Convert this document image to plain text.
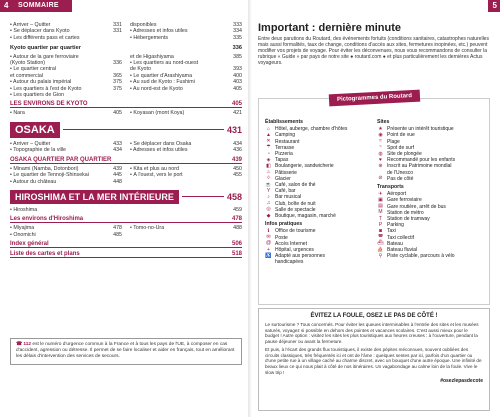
4 SOMMAIRE
• Arriver – Quitter	331
• Se déplacer dans Kyoto	331
• Les différents pass et cartes
disponibles	333
• Adresses et infos utiles	334
• Hébergements	335
Kyoto quartier par quartier	336
• Autour de la gare ferroviaire
(Kyoto Station)	336
• Le quartier central
et commercial	365
• Autour du palais impérial	375
• Les quartiers à l'est de Kyoto	375
• Les quartiers de Gion
et de Higashiyama	385
• Les quartiers au nord-ouest
de Kyoto	393
• Le quartier d'Arashiyama	400
• Au sud de Kyoto : Fushimi	403
• Au nord-est de Kyoto	405
LES ENVIRONS DE KYOTO	405
• Nara	405 • Koyasan (mont Koya)	421
OSAKA	431
• Arriver – Quitter	433
• Topographie de la ville	434
• Se déplacer dans Osaka	434
• Adresses et infos utiles	436
OSAKA QUARTIER PAR QUARTIER	439
• Minami (Namba, Dotonbori)	439
• Le quartier de Tennoji-Shinsekai	445
• Autour du château	448
• Kita et plus au nord	450
• À l'ouest, vers le port	455
HIROSHIMA ET LA MER INTÉRIEURE	458
• Hiroshima	459
Les environs d'Hiroshima	478
• Miyajima	478
• Onomichi	485
• Tomo-no-Ura	488
Index général	506
Liste des cartes et plans	518
☎ 112 est le numéro d'urgence commun à la France et à tous les pays de l'UE, à composer en cas d'accident, agression ou détresse. Il permet de se faire localiser et aider en français, tout en améliorant les délais d'intervention des services de secours.
5
Important : dernière minute

Entre deux parutions du Routard, des événements fortuits (conditions sanitaires, catastrophes naturelles mais aussi formalités, taux de change, conditions d'accès aux sites, fermetures inopinées, etc.) peuvent modifier vos projets de voyage. Pour éviter les déconvenues, nous vous recommandons de consulter la rubrique « Guide » par pays de notre site ● routard.com ● et plus particulièrement les dernières Actus voyageurs.

Pictogrammes du Routard
Établissements
⌂ Hôtel, auberge, chambre d'hôtes
▲ Camping
✕ Restaurant
☂ Terrasse
◔ Pizzeria
◈ Tapas
◧ Boulangerie, sandwicherie
♨ Pâtisserie
◊	Glacier
☕ Café, salon de thé
Y Café, bar
♪	Bar musical
♫ Club, boîte de nuit
◎ Salle de spectacle
◆ Boutique, magasin, marché
Infos pratiques
ℹ	Office de tourisme
✉ Poste
@ Accès Internet
+	Hôpital, urgences
♿ Adapté aux personnes
handicapées
Sites
★ Présente un intérêt touristique
◉ Point de vue
≈	Plage
~	Spot de surf
◍ Site de plongée
♥	Recommandé pour les enfants
⊕ Inscrit au Patrimoine mondial
de l'Unesco
⊘ Pas de côté
Transports
✈ Aéroport
▣ Gare ferroviaire
▤ Gare routière, arrêt de bus
M Station de métro
T Station de tramway
P Parking
◙ Taxi
◚ Taxi collectif
⛴ Bateau
⛵ Bateau fluvial
⚲ Piste cyclable, parcours à vélo
ÉVITEZ LA FOULE, OSEZ LE PAS DE CÔTÉ !

Le surtourisme ? Tous concernés. Pour éviter les queues interminables à l'entrée des sites et les musées saturés, voyagez si possible en dehors des pointes et vacances scolaires. C'est aussi mieux pour le budget ! Autre option : visitez les sites les plus touristiques aux heures creuses : à l'ouverture, pendant la pause déjeuner ou avant la fermeture.

Et puis, à l'écart des grands flux touristiques, il existe des pépites méconnues, souvent oubliées des circuits classiques, très fréquentés ici et ont de l'âme : quelques sentes par ici, parfois d'un quartier ou d'une petite rue à un village caché au charme discret, avec un bouquet d'une autre époque. Une infinité de beaux lieux ce qui nous plait à côté de nos itinéraires. Un vagabondage au calme loin de la foule. Vive le slow trip !

#osezlepasdecote
